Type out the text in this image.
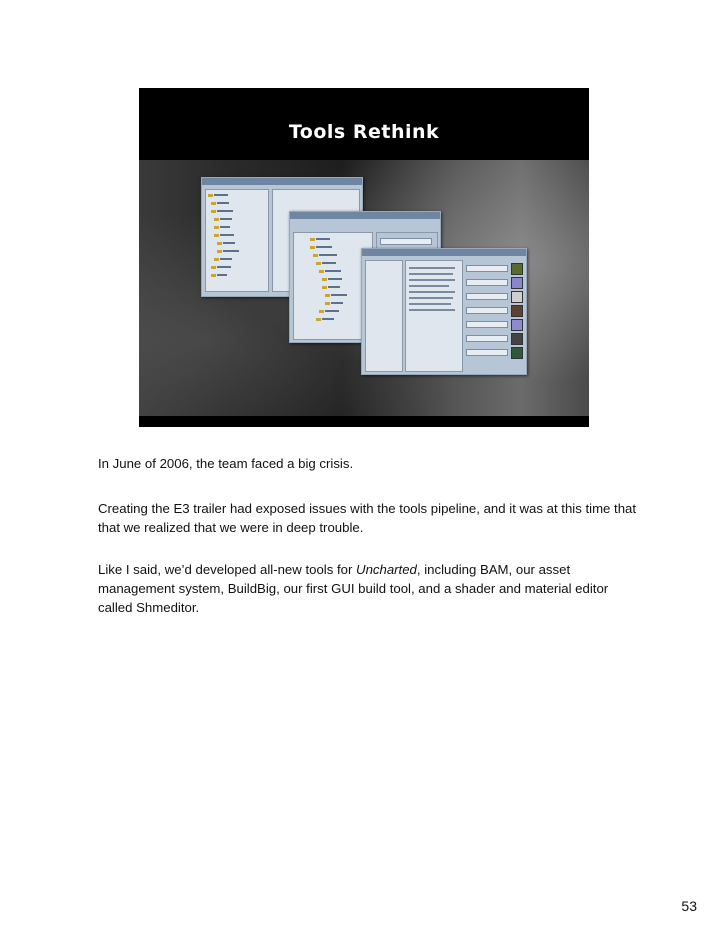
Tools Rethink

In June of 2006, the team faced a big crisis.

Creating the E3 trailer had exposed issues with the tools pipeline, and it was at this time that that we realized that we were in deep trouble.

Like I said, we’d developed all-new tools for Uncharted, including BAM, our asset management system, BuildBig, our first GUI build tool, and a shader and material editor called Shmeditor.

53
